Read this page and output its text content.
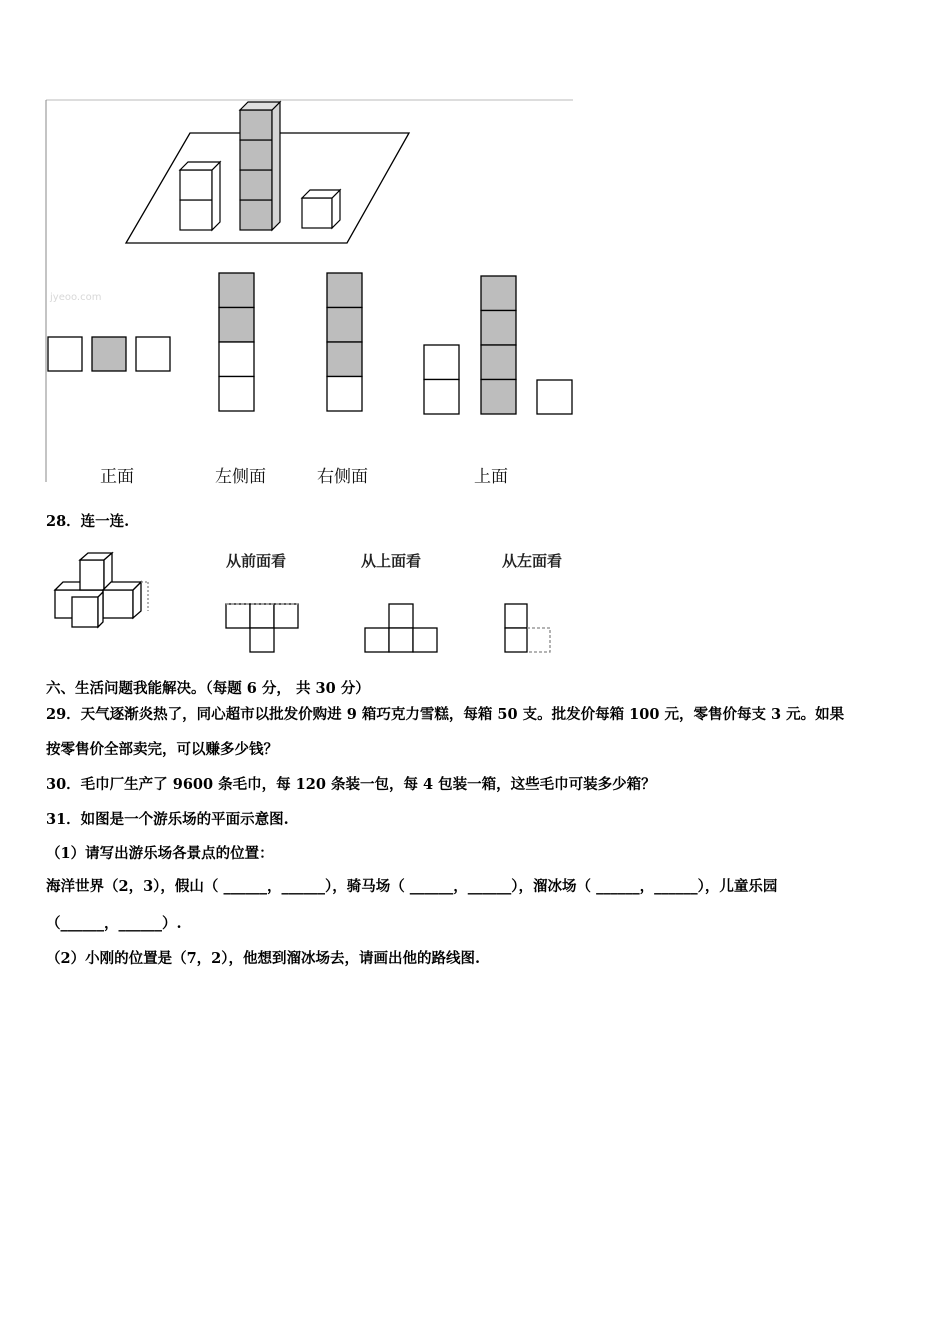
jyeoo.com
正面	左侧面	右侧面	上面
28．连一连.
从前面看	从上面看	从左面看
六、生活问题我能解决。（每题 6 分， 共 30 分）
29．天气逐渐炎热了，同心超市以批发价购进 9 箱巧克力雪糕，每箱 50 支。批发价每箱 100 元，零售价每支 3 元。如果
按零售价全部卖完，可以赚多少钱？
30．毛巾厂生产了 9600 条毛巾，每 120 条装一包，每 4 包装一箱，这些毛巾可装多少箱？
31．如图是一个游乐场的平面示意图.
（1）请写出游乐场各景点的位置：
海洋世界（2，3），假山（ ______，______），骑马场（ ______，______），溜冰场（ ______，______），儿童乐园
（______，______）.
（2）小刚的位置是（7，2），他想到溜冰场去，请画出他的路线图.
